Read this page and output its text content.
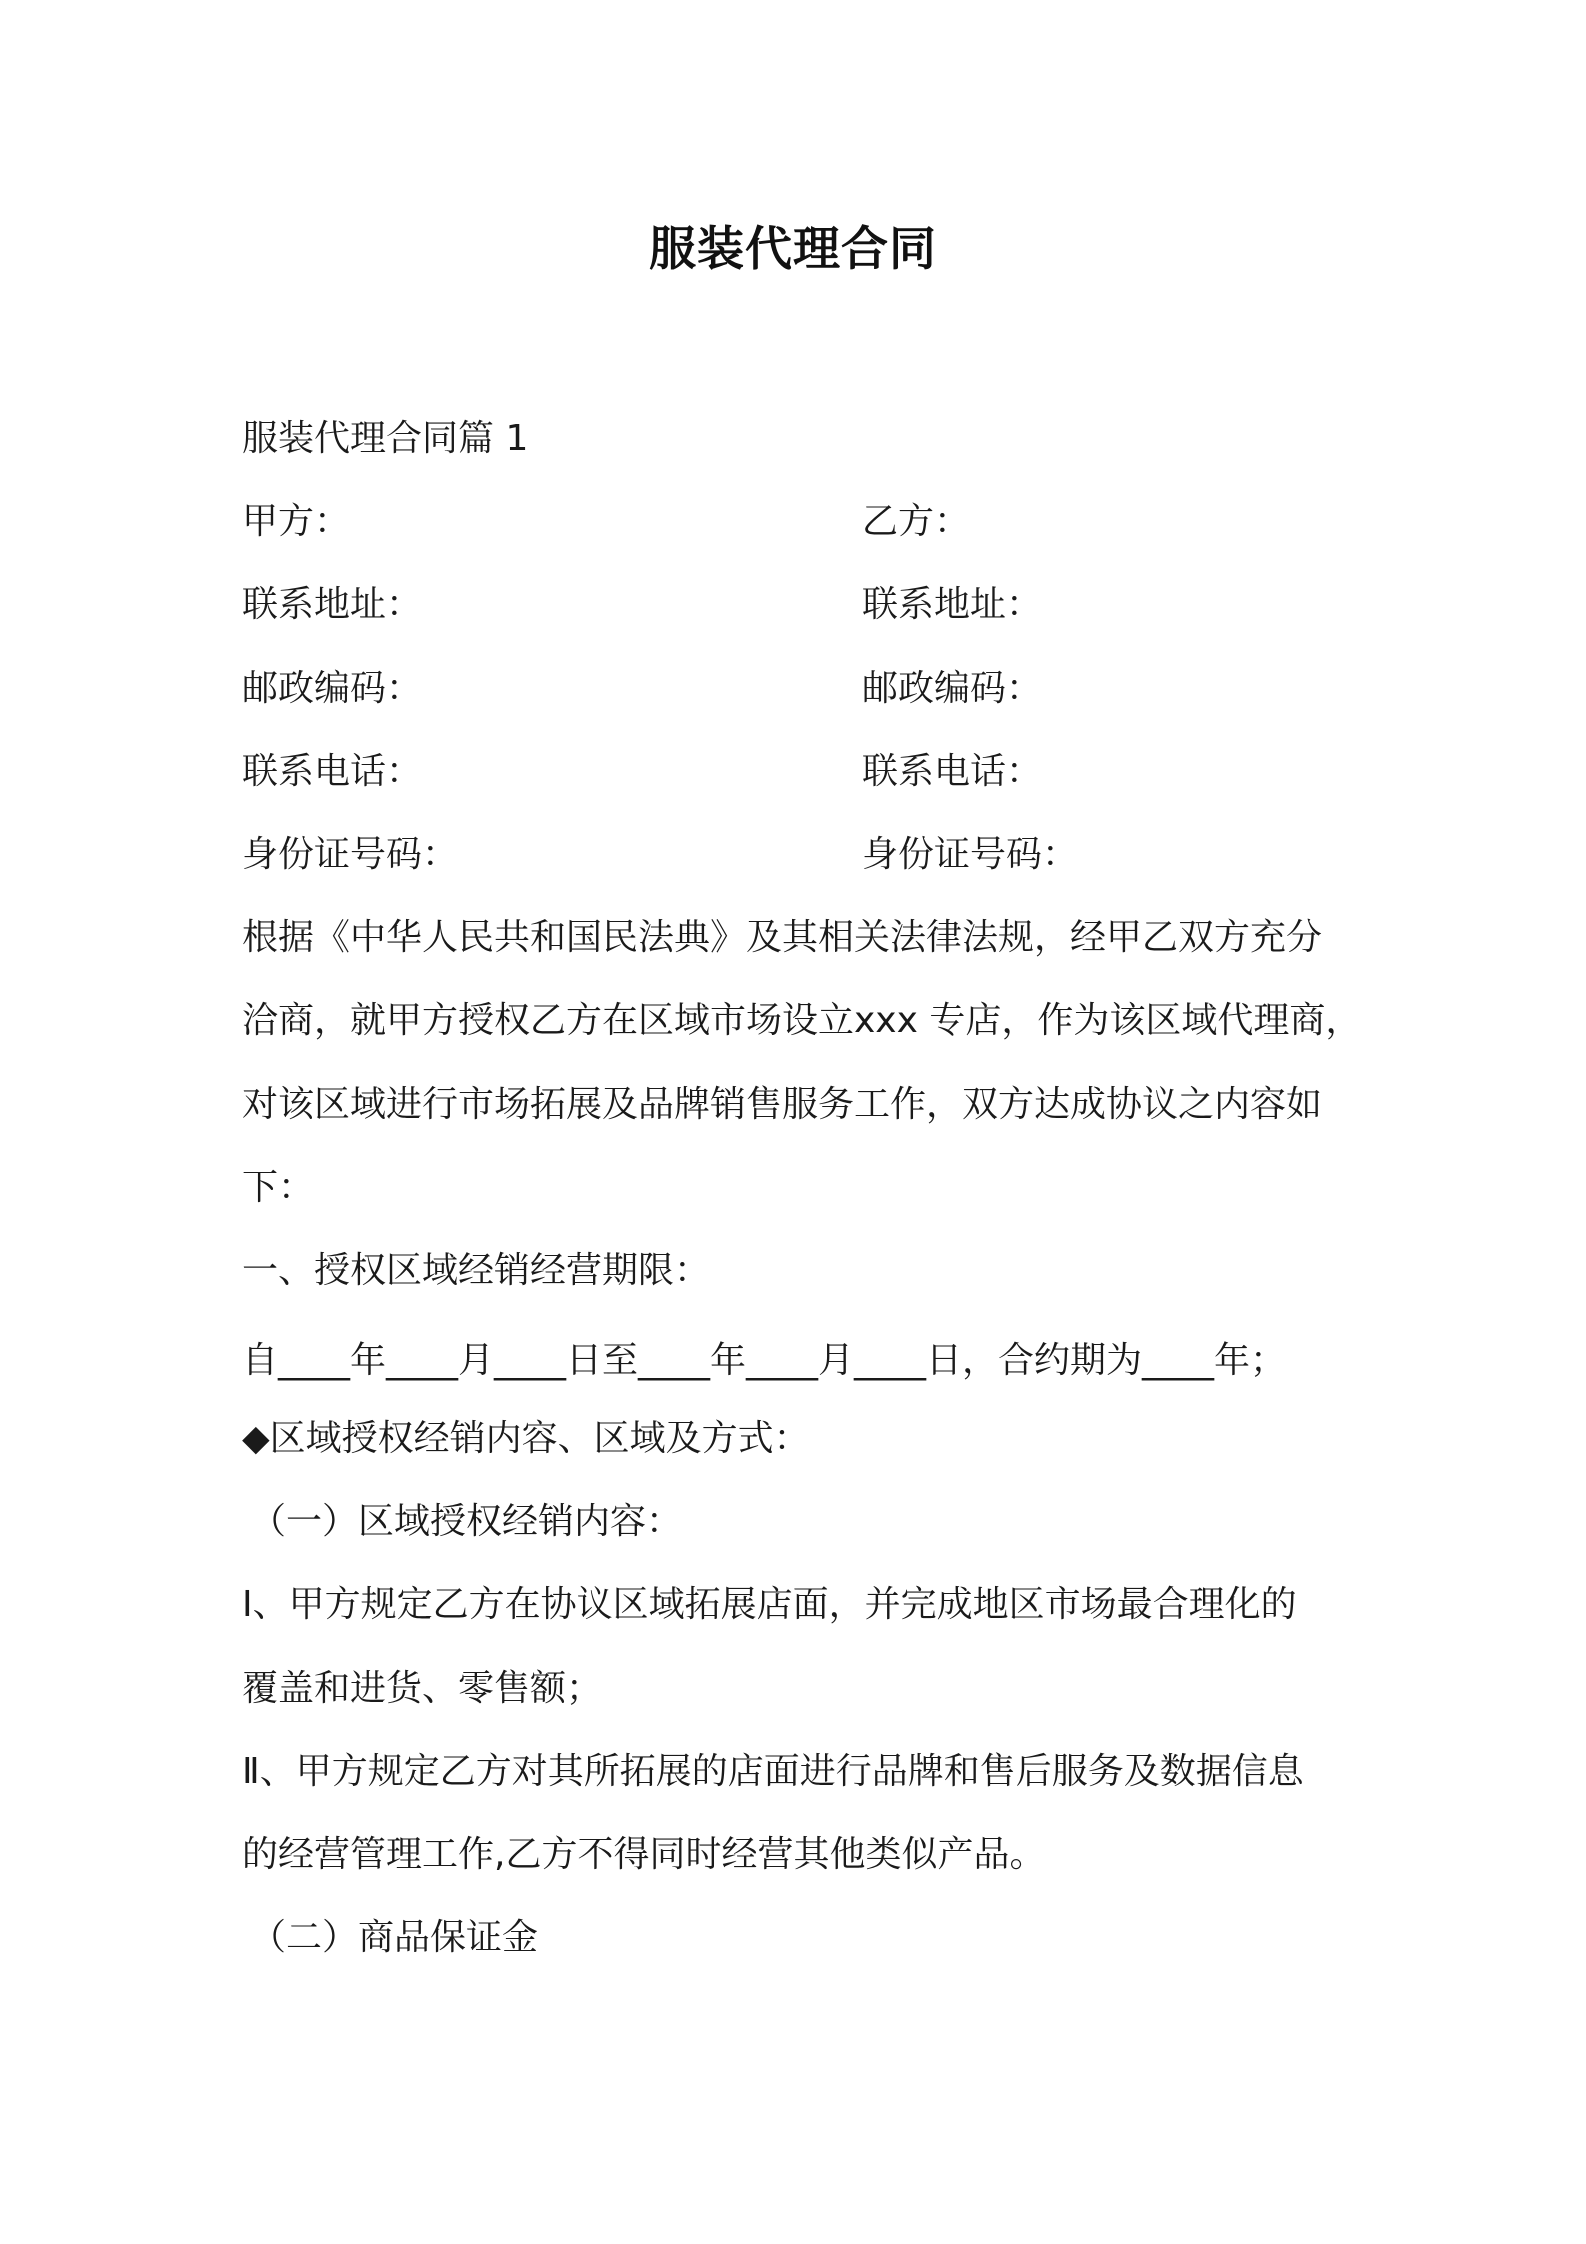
服装代理合同
服装代理合同篇 1
甲方：	乙方：
联系地址：	联系地址：
邮政编码：	邮政编码：
联系电话：	联系电话：
身份证号码：	身份证号码：
根据《中华人民共和国民法典》及其相关法律法规，经甲乙双方充分
洽商，就甲方授权乙方在区域市场设立xxx 专店，作为该区域代理商，
对该区域进行市场拓展及品牌销售服务工作，双方达成协议之内容如
下：
一、授权区域经销经营期限：
自____年____月____日至____年____月____日，合约期为____年；
◆区域授权经销内容、区域及方式：
（一）区域授权经销内容：
Ⅰ、甲方规定乙方在协议区域拓展店面，并完成地区市场最合理化的
覆盖和进货、零售额；
Ⅱ、甲方规定乙方对其所拓展的店面进行品牌和售后服务及数据信息
的经营管理工作,乙方不得同时经营其他类似产品。
（二）商品保证金
